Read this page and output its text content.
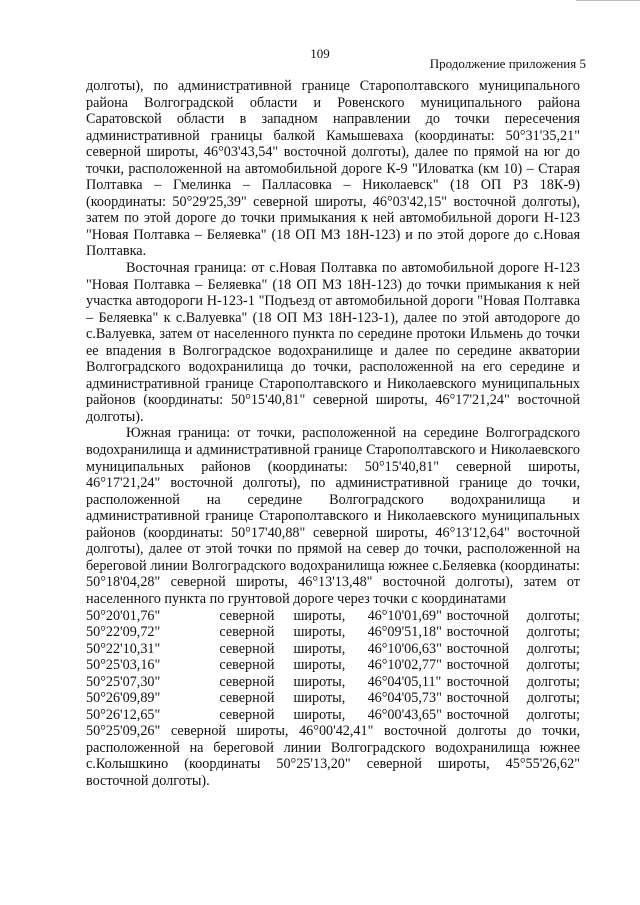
109
Продолжение приложения 5

долготы), по административной границе Старополтавского муниципального района Волгоградской области и Ровенского муниципального района Саратовской области в западном направлении до точки пересечения административной границы балкой Камышеваха (координаты: 50°31'35,21" северной широты, 46°03'43,54" восточной долготы), далее по прямой на юг до точки, расположенной на автомобильной дороге К-9 "Иловатка (км 10) – Старая Полтавка – Гмелинка – Палласовка – Николаевск" (18 ОП РЗ 18К-9) (координаты: 50°29'25,39" северной широты, 46°03'42,15" восточной долготы), затем по этой дороге до точки примыкания к ней автомобильной дороги Н-123 "Новая Полтавка – Беляевка" (18 ОП МЗ 18Н-123) и по этой дороге до с.Новая Полтавка.

Восточная граница: от с.Новая Полтавка по автомобильной дороге Н-123 "Новая Полтавка – Беляевка" (18 ОП МЗ 18Н-123) до точки примыкания к ней участка автодороги Н-123-1 "Подъезд от автомобильной дороги "Новая Полтавка – Беляевка" к с.Валуевка" (18 ОП МЗ 18Н-123-1), далее по этой автодороге до с.Валуевка, затем от населенного пункта по середине протоки Ильмень до точки ее впадения в Волгоградское водохранилище и далее по середине акватории Волгоградского водохранилища до точки, расположенной на его середине и административной границе Старополтавского и Николаевского муниципальных районов (координаты: 50°15'40,81" северной широты, 46°17'21,24" восточной долготы).

Южная граница: от точки, расположенной на середине Волгоградского водохранилища и административной границе Старополтавского и Николаевского муниципальных районов (координаты: 50°15'40,81" северной широты, 46°17'21,24" восточной долготы), по административной границе до точки, расположенной на середине Волгоградского водохранилища и административной границе Старополтавского и Николаевского муниципальных районов (координаты: 50°17'40,88" северной широты, 46°13'12,64" восточной долготы), далее от этой точки по прямой на север до точки, расположенной на береговой линии Волгоградского водохранилища южнее с.Беляевка (координаты: 50°18'04,28" северной широты, 46°13'13,48" восточной долготы), затем от населенного пункта по грунтовой дороге через точки с координатами

50°20'01,76"	северной	широты,	46°10'01,69"	восточной	долготы;
50°22'09,72"	северной	широты,	46°09'51,18"	восточной	долготы;
50°22'10,31"	северной	широты,	46°10'06,63"	восточной	долготы;
50°25'03,16"	северной	широты,	46°10'02,77"	восточной	долготы;
50°25'07,30"	северной	широты,	46°04'05,11"	восточной	долготы;
50°26'09,89"	северной	широты,	46°04'05,73"	восточной	долготы;
50°26'12,65"	северной	широты,	46°00'43,65"	восточной	долготы;

50°25'09,26" северной широты, 46°00'42,41" восточной долготы до точки, расположенной на береговой линии Волгоградского водохранилища южнее с.Колышкино (координаты 50°25'13,20" северной широты, 45°55'26,62" восточной долготы).
